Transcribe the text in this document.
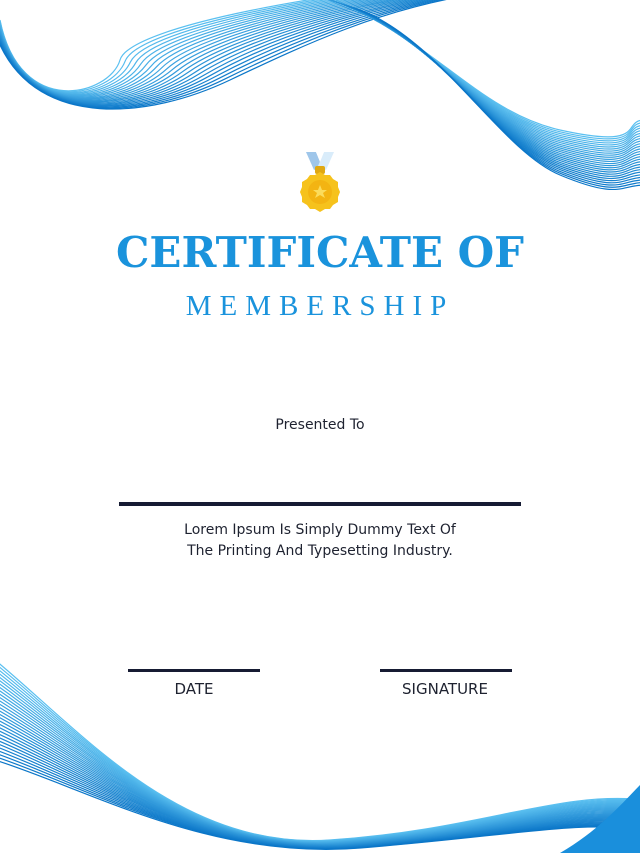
CERTIFICATE OF
MEMBERSHIP
Presented To
Lorem Ipsum Is Simply Dummy Text Of
The Printing And Typesetting Industry.
DATE	SIGNATURE
